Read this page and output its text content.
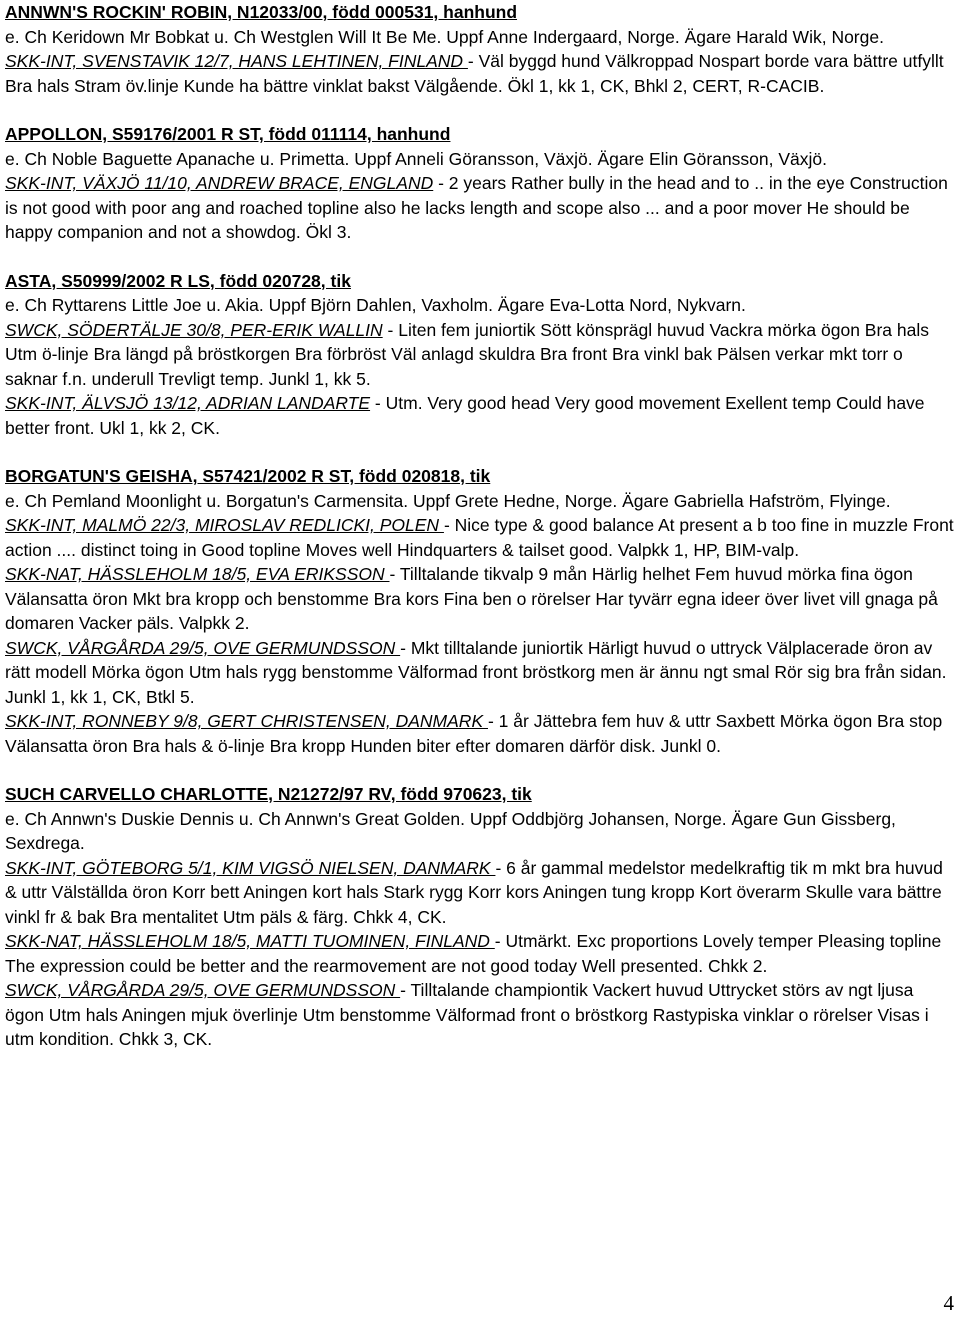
ANNWN'S ROCKIN' ROBIN, N12033/00, född 000531, hanhund
e. Ch Keridown Mr Bobkat u. Ch Westglen Will It Be Me. Uppf Anne Indergaard, Norge. Ägare Harald Wik, Norge.
SKK-INT, SVENSTAVIK 12/7, HANS LEHTINEN, FINLAND - Väl byggd hund Välkroppad Nospart borde vara bättre utfyllt Bra hals Stram öv.linje Kunde ha bättre vinklat bakst Välgående. Ökl 1, kk 1, CK, Bhkl 2, CERT, R-CACIB.
APPOLLON, S59176/2001 R ST, född 011114, hanhund
e. Ch Noble Baguette Apanache u. Primetta. Uppf Anneli Göransson, Växjö. Ägare Elin Göransson, Växjö.
SKK-INT, VÄXJÖ 11/10, ANDREW BRACE, ENGLAND - 2 years Rather bully in the head and to .. in the eye Construction is not good with poor ang and roached topline also he lacks length and scope also ... and a poor mover He should be happy companion and not a showdog. Ökl 3.
ASTA, S50999/2002 R LS, född 020728, tik
e. Ch Ryttarens Little Joe u. Akia. Uppf Björn Dahlen, Vaxholm. Ägare Eva-Lotta Nord, Nykvarn.
SWCK, SÖDERTÄLJE 30/8, PER-ERIK WALLIN - Liten fem juniortik Sött könsprägl huvud Vackra mörka ögon Bra hals Utm ö-linje Bra längd på bröstkorgen Bra förbröst Väl anlagd skuldra Bra front Bra vinkl bak Pälsen verkar mkt torr o saknar f.n. underull Trevligt temp. Junkl 1, kk 5.
SKK-INT, ÄLVSJÖ 13/12, ADRIAN LANDARTE - Utm. Very good head Very good movement Exellent temp Could have better front. Ukl 1, kk 2, CK.
BORGATUN'S GEISHA, S57421/2002 R ST, född 020818, tik
e. Ch Pemland Moonlight u. Borgatun's Carmensita. Uppf Grete Hedne, Norge. Ägare Gabriella Hafström, Flyinge.
SKK-INT, MALMÖ 22/3, MIROSLAV REDLICKI, POLEN - Nice type & good balance At present a b too fine in muzzle Front action .... distinct toing in Good topline Moves well Hindquarters & tailset good. Valpkk 1, HP, BIM-valp.
SKK-NAT, HÄSSLEHOLM 18/5, EVA ERIKSSON - Tilltalande tikvalp 9 mån Härlig helhet Fem huvud mörka fina ögon Välansatta öron Mkt bra kropp och benstomme Bra kors Fina ben o rörelser Har tyvärr egna ideer över livet vill gnaga på domaren Vacker päls. Valpkk 2.
SWCK, VÅRGÅRDA 29/5, OVE GERMUNDSSON - Mkt tilltalande juniortik Härligt huvud o uttryck Välplacerade öron av rätt modell Mörka ögon Utm hals rygg benstomme Välformad front bröstkorg men är ännu ngt smal Rör sig bra från sidan. Junkl 1, kk 1, CK, Btkl 5.
SKK-INT, RONNEBY 9/8, GERT CHRISTENSEN, DANMARK - 1 år Jättebra fem huv & uttr Saxbett Mörka ögon Bra stop Välansatta öron Bra hals & ö-linje Bra kropp Hunden biter efter domaren därför disk. Junkl 0.
SUCH CARVELLO CHARLOTTE, N21272/97 RV, född 970623, tik
e. Ch Annwn's Duskie Dennis u. Ch Annwn's Great Golden. Uppf Oddbjörg Johansen, Norge. Ägare Gun Gissberg, Sexdrega.
SKK-INT, GÖTEBORG 5/1, KIM VIGSÖ NIELSEN, DANMARK - 6 år gammal medelstor medelkraftig tik m mkt bra huvud & uttr Välställda öron Korr bett Aningen kort hals Stark rygg Korr kors Aningen tung kropp Kort överarm Skulle vara bättre vinkl fr & bak Bra mentalitet Utm päls & färg. Chkk 4, CK.
SKK-NAT, HÄSSLEHOLM 18/5, MATTI TUOMINEN, FINLAND - Utmärkt. Exc proportions Lovely temper Pleasing topline The expression could be better and the rearmovement are not good today Well presented. Chkk 2.
SWCK, VÅRGÅRDA 29/5, OVE GERMUNDSSON - Tilltalande championtik Vackert huvud Uttrycket störs av ngt ljusa ögon Utm hals Aningen mjuk överlinje Utm benstomme Välformad front o bröstkorg Rastypiska vinklar o rörelser Visas i utm kondition. Chkk 3, CK.
4
